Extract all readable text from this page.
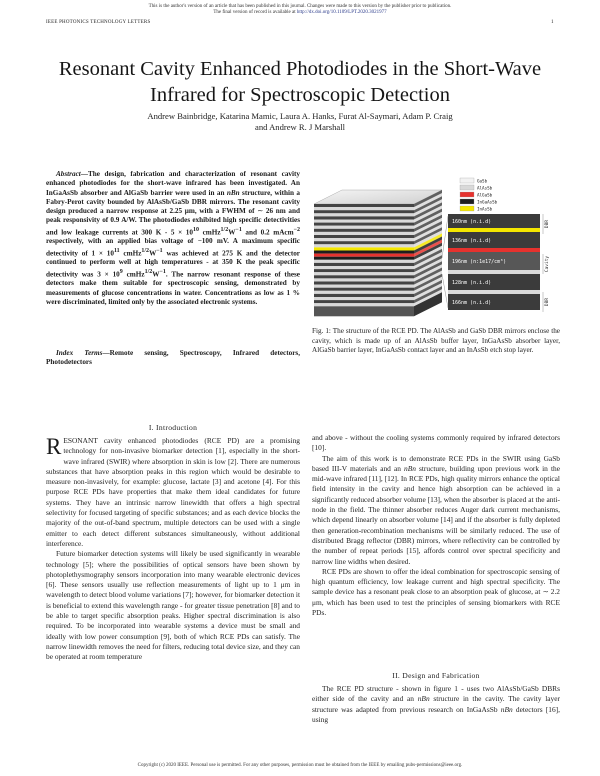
This is the author's version of an article that has been published in this journal. Changes were made to this version by the publisher prior to publication.
The final version of record is available at http://dx.doi.org/10.1109/LPT.2020.3021977
IEEE PHOTONICS TECHNOLOGY LETTERS	1
Resonant Cavity Enhanced Photodiodes in the Short-Wave Infrared for Spectroscopic Detection
Andrew Bainbridge, Katarina Mamic, Laura A. Hanks, Furat Al-Saymari, Adam P. Craig
and Andrew R. J Marshall
Abstract—The design, fabrication and characterization of resonant cavity enhanced photodiodes for the short-wave infrared has been investigated. An InGaAsSb absorber and AlGaSb barrier were used in an nBn structure, within a Fabry-Perot cavity bounded by AlAsSb/GaSb DBR mirrors. The resonant cavity design produced a narrow response at 2.25 μm, with a FWHM of ∼ 26 nm and peak responsivity of 0.9 A/W. The photodiodes exhibited high specific detectivities and low leakage currents at 300 $K - 5 \times 10^{10}$ $cmHz^{1/2}W^{-1}$ and 0.2 mAcm$^{-2}$ respectively, with an applied bias voltage of −100 mV. A maximum specific detectivity of $1 \times 10^{11}$ $cmHz^{1/2}W^{-1}$ was achieved at 275 K and the detector continued to perform well at high temperatures - at 350 K the peak specific detectivity was $3 \times 10^9$ $cmHz^{1/2}W^{-1}$. The narrow resonant response of these detectors make them suitable for spectroscopic sensing, demonstrated by measurements of glucose concentrations in water. Concentrations as low as 1 % were discriminated, limited only by the associated electronic systems.
Index Terms—Remote sensing, Spectroscopy, Infrared detectors, Photodetectors
GaSb
AlAsSb
AlGaSb
InGaAsSb
InAsSb
160nm (n.i.d)
136nm (n.i.d)
196nm (n:1e17/cm³)
128nm (n.i.d)
166nm (n.i.d)
DBR
Cavity
DBR
Fig. 1: The structure of the RCE PD. The AlAsSb and GaSb DBR mirrors enclose the cavity, which is made up of an AlAsSb buffer layer, InGaAsSb absorber layer, AlGaSb barrier layer, InGaAsSb contact layer and an InAsSb etch stop layer.
I. Introduction

RESONANT cavity enhanced photodiodes (RCE PD) are a promising technology for non-invasive biomarker detection [1], especially in the short-wave infrared (SWIR) where absorption in skin is low [2]. There are numerous substances that have absorption peaks in this region which would be desirable to measure non-invasively, for example: glucose, lactate [3] and acetone [4]. For this purpose RCE PDs have properties that make them ideal candidates for future systems. They have an intrinsic narrow linewidth that offers a high spectral selectivity for focused targeting of specific substances; and as each device blocks the majority of the out-of-band spectrum, multiple detectors can be used with a single emitter to each detect different substances simultaneously, without additional interference.

Future biomarker detection systems will likely be used significantly in wearable technology [5]; where the possibilities of optical sensors have been shown by photoplethysmography sensors incorporation into many wearable electronic devices [6]. These sensors usually use reflection measurements of light up to 1 μm in wavelength to detect blood volume variations [7]; however, for biomarker detection it is beneficial to extend this wavelength range - for greater tissue penetration [8] and to be able to target specific absorption peaks. Higher spectral discrimination is also required. To be incorporated into wearable systems a device must be small and ideally with low power consumption [9], both of which RCE PDs can satisfy. The narrow linewidth removes the need for filters, reducing total device size, and they can be operated at room temperature

and above - without the cooling systems commonly required by infrared detectors [10].

The aim of this work is to demonstrate RCE PDs in the SWIR using GaSb based III-V materials and an nBn structure, building upon previous work in the mid-wave infrared [11], [12]. In RCE PDs, high quality mirrors enhance the optical field intensity in the cavity and hence high absorption can be achieved in a significantly reduced absorber volume [13], when the absorber is placed at the anti-node in the field. The thinner absorber reduces Auger dark current mechanisms, which depend linearly on absorber volume [14] and if the absorber is fully depleted then generation-recombination mechanisms will be similarly reduced. The use of distributed Bragg reflector (DBR) mirrors, where reflectivity can be controlled by the number of repeat periods [15], affords control over spectral specificity and narrow line widths when desired.

RCE PDs are shown to offer the ideal combination for spectroscopic sensing of high quantum efficiency, low leakage current and high spectral specificity. The sample device has a resonant peak close to an absorption peak of glucose, at ∼ 2.2 μm, which has been used to test the principles of sensing biomarkers with RCE PDs.

II. Design and Fabrication

The RCE PD structure - shown in figure 1 - uses two AlAsSb/GaSb DBRs either side of the cavity and an nBn structure in the cavity. The cavity layer structure was adapted from previous research on InGaAsSb nBn detectors [16], using

Copyright (c) 2020 IEEE. Personal use is permitted. For any other purposes, permission must be obtained from the IEEE by emailing pubs-permissions@ieee.org.
